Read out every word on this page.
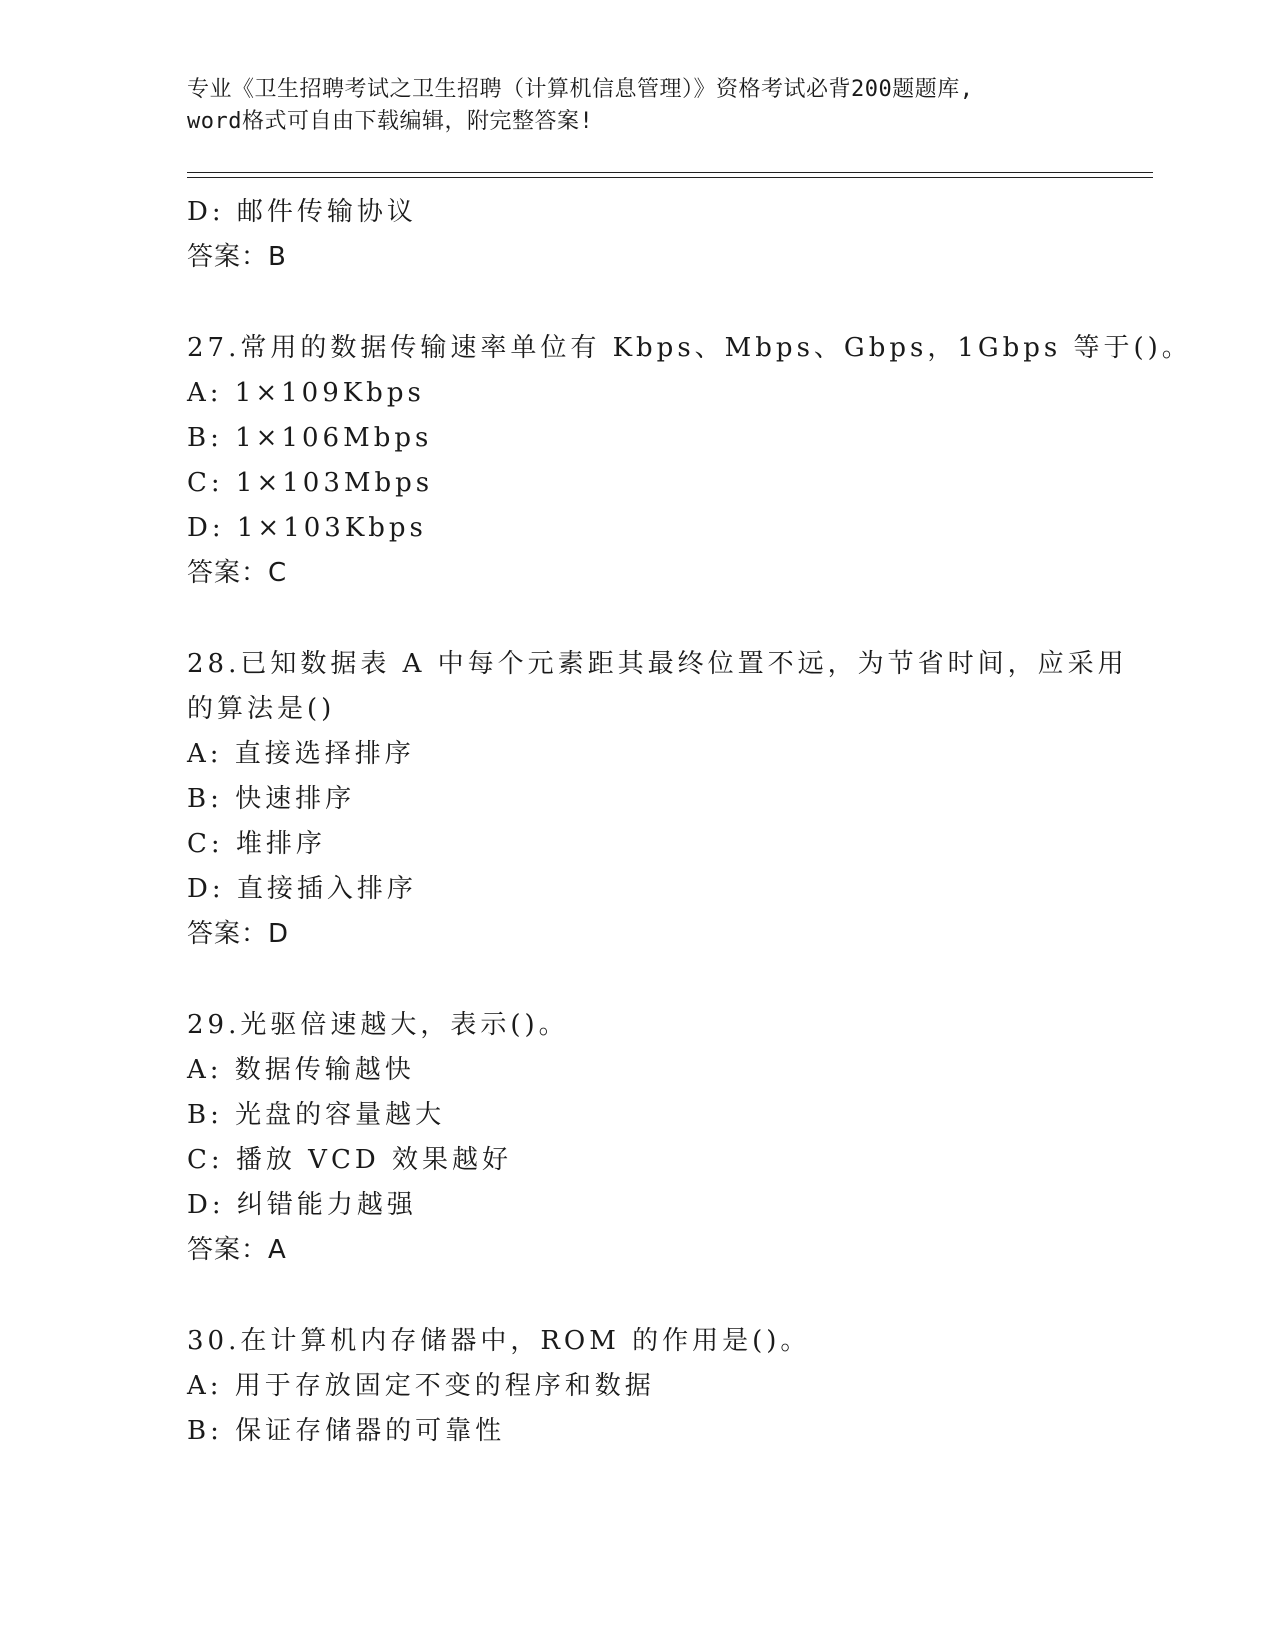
专业《卫生招聘考试之卫生招聘（计算机信息管理）》资格考试必背200题题库,
word格式可自由下载编辑，附完整答案!
D: 邮件传输协议
答案：B
27.常用的数据传输速率单位有 Kbps、Mbps、Gbps，1Gbps 等于()。
A: 1×109Kbps
B: 1×106Mbps
C: 1×103Mbps
D: 1×103Kbps
答案：C
28.已知数据表 A 中每个元素距其最终位置不远，为节省时间，应采用
的算法是()
A: 直接选择排序
B: 快速排序
C: 堆排序
D: 直接插入排序
答案：D
29.光驱倍速越大，表示()。
A: 数据传输越快
B: 光盘的容量越大
C: 播放 VCD 效果越好
D: 纠错能力越强
答案：A
30.在计算机内存储器中，ROM 的作用是()。
A: 用于存放固定不变的程序和数据
B: 保证存储器的可靠性
